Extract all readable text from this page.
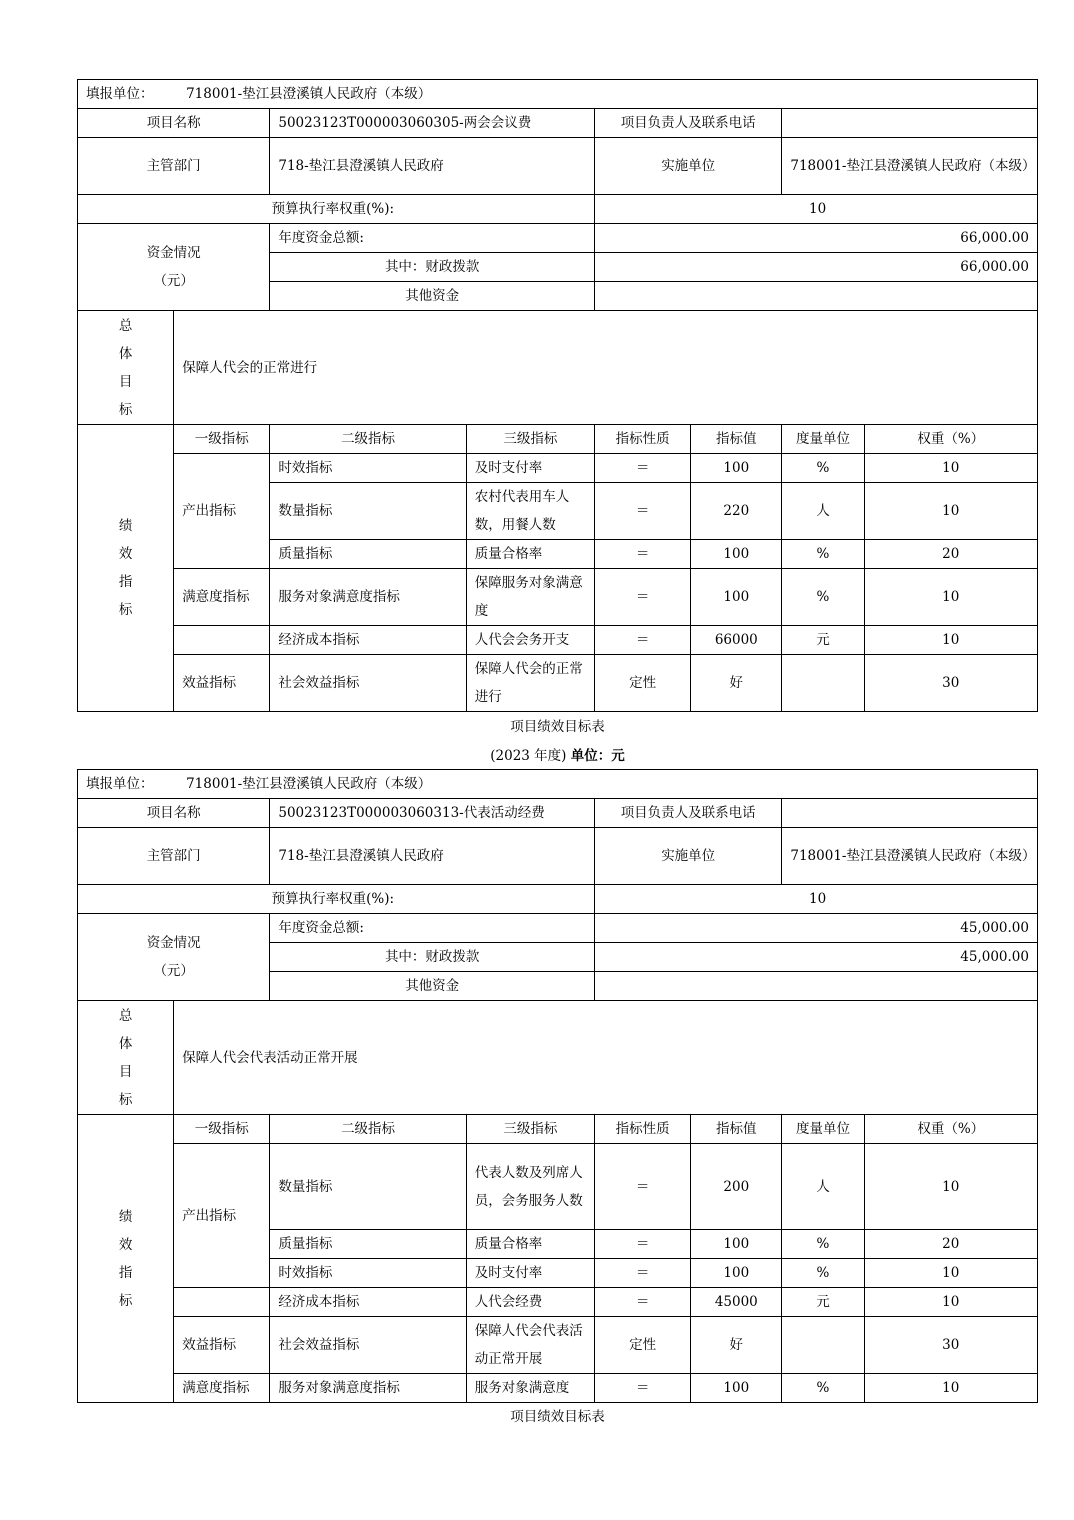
填报单位： 718001-垫江县澄溪镇人民政府（本级）							
项目名称		50023123T000003060305-两会会议费		项目负责人及联系电话			
主管部门		718-垫江县澄溪镇人民政府		实施单位		718001-垫江县澄溪镇人民政府（本级）	
预算执行率权重(%):				10			

资金情况
（元）		年度资金总额:		66,000.00			
		其中：财政拨款		66,000.00			
		其他资金					

总
体
目
标	保障人代会的正常进行						

绩
效
指
标	一级指标	二级指标	三级指标	指标性质	指标值	度量单位	权重（%）
	产出指标	时效指标	及时支付率	＝	100	%	10
		数量指标	农村代表用车人数，用餐人数	＝	220	人	10
		质量指标	质量合格率	＝	100	%	20
	满意度指标	服务对象满意度指标	保障服务对象满意度	＝	100	%	10
		经济成本指标	人代会会务开支	＝	66000	元	10
	效益指标	社会效益指标	保障人代会的正常进行	定性	好		30
项目绩效目标表
(2023 年度) 单位：元
填报单位： 718001-垫江县澄溪镇人民政府（本级）							
项目名称		50023123T000003060313-代表活动经费		项目负责人及联系电话			
主管部门		718-垫江县澄溪镇人民政府		实施单位		718001-垫江县澄溪镇人民政府（本级）	
预算执行率权重(%):				10			

资金情况
（元）		年度资金总额:		45,000.00			
		其中：财政拨款		45,000.00			
		其他资金					

总
体
目
标	保障人代会代表活动正常开展						

绩
效
指
标	一级指标	二级指标	三级指标	指标性质	指标值	度量单位	权重（%）
	产出指标	数量指标	代表人数及列席人员，会务服务人数	＝	200	人	10
		质量指标	质量合格率	＝	100	%	20
		时效指标	及时支付率	＝	100	%	10
		经济成本指标	人代会经费	＝	45000	元	10
	效益指标	社会效益指标	保障人代会代表活动正常开展	定性	好		30
	满意度指标	服务对象满意度指标	服务对象满意度	＝	100	%	10
项目绩效目标表
